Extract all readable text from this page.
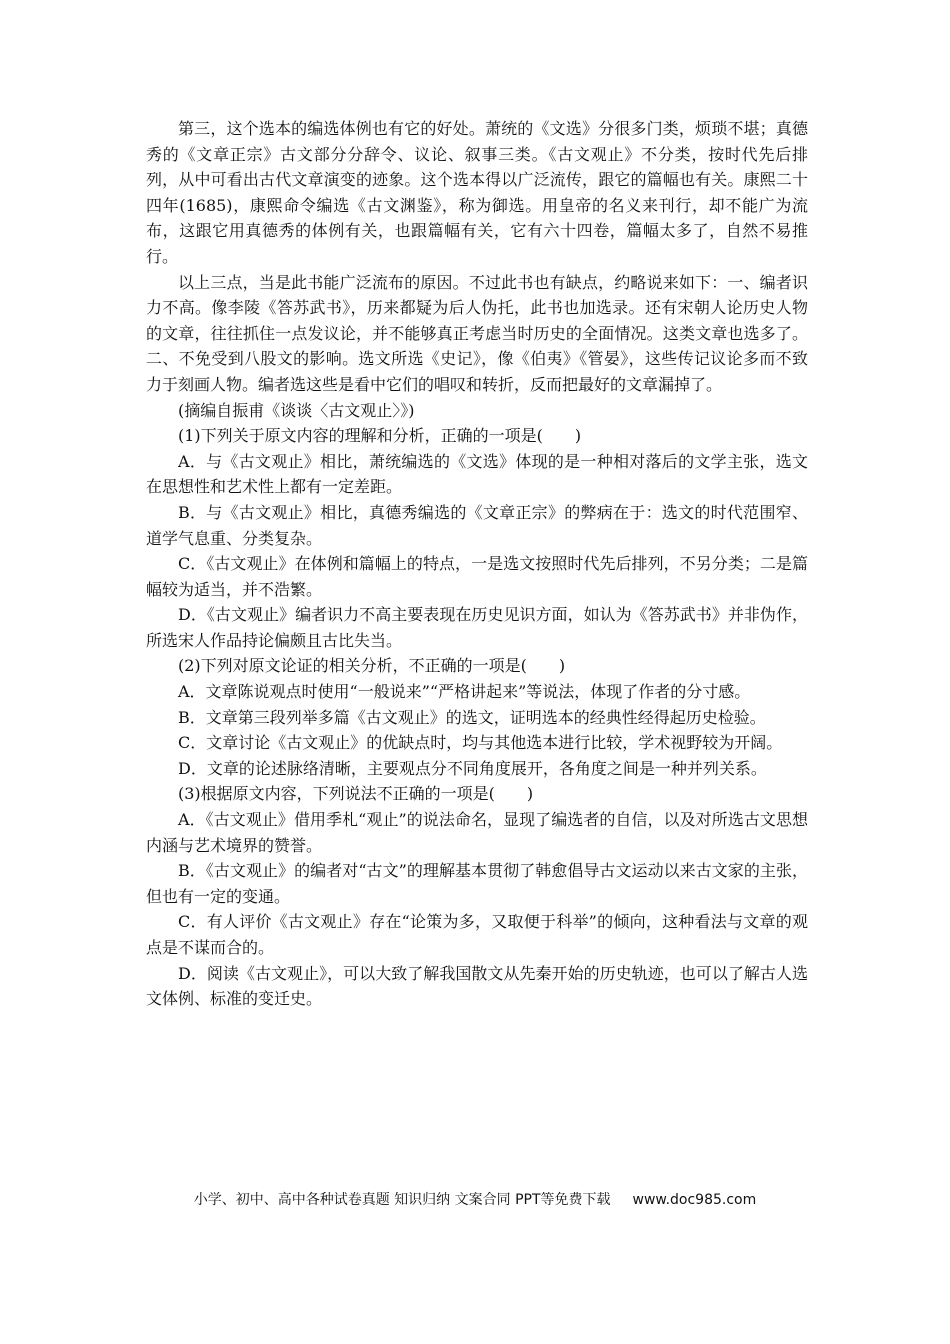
第三，这个选本的编选体例也有它的好处。萧统的《文选》分很多门类，烦琐不堪；真德秀的《文章正宗》古文部分分辞令、议论、叙事三类。《古文观止》不分类，按时代先后排列，从中可看出古代文章演变的迹象。这个选本得以广泛流传，跟它的篇幅也有关。康熙二十四年(1685)，康熙命令编选《古文渊鉴》，称为御选。用皇帝的名义来刊行，却不能广为流布，这跟它用真德秀的体例有关，也跟篇幅有关，它有六十四卷，篇幅太多了，自然不易推行。

以上三点，当是此书能广泛流布的原因。不过此书也有缺点，约略说来如下：一、编者识力不高。像李陵《答苏武书》，历来都疑为后人伪托，此书也加选录。还有宋朝人论历史人物的文章，往往抓住一点发议论，并不能够真正考虑当时历史的全面情况。这类文章也选多了。二、不免受到八股文的影响。选文所选《史记》，像《伯夷》《管晏》，这些传记议论多而不致力于刻画人物。编者选这些是看中它们的唱叹和转折，反而把最好的文章漏掉了。

(摘编自振甫《谈谈〈古文观止〉》)

(1)下列关于原文内容的理解和分析，正确的一项是(　　)

A．与《古文观止》相比，萧统编选的《文选》体现的是一种相对落后的文学主张，选文在思想性和艺术性上都有一定差距。

B．与《古文观止》相比，真德秀编选的《文章正宗》的弊病在于：选文的时代范围窄、道学气息重、分类复杂。

C．《古文观止》在体例和篇幅上的特点，一是选文按照时代先后排列，不另分类；二是篇幅较为适当，并不浩繁。

D．《古文观止》编者识力不高主要表现在历史见识方面，如认为《答苏武书》并非伪作，所选宋人作品持论偏颇且古比失当。

(2)下列对原文论证的相关分析，不正确的一项是(　　)

A．文章陈说观点时使用“一般说来”“严格讲起来”等说法，体现了作者的分寸感。

B．文章第三段列举多篇《古文观止》的选文，证明选本的经典性经得起历史检验。

C．文章讨论《古文观止》的优缺点时，均与其他选本进行比较，学术视野较为开阔。

D．文章的论述脉络清晰，主要观点分不同角度展开，各角度之间是一种并列关系。

(3)根据原文内容，下列说法不正确的一项是(　　)

A．《古文观止》借用季札“观止”的说法命名，显现了编选者的自信，以及对所选古文思想内涵与艺术境界的赞誉。

B．《古文观止》的编者对“古文”的理解基本贯彻了韩愈倡导古文运动以来古文家的主张，但也有一定的变通。

C．有人评价《古文观止》存在“论策为多，又取便于科举”的倾向，这种看法与文章的观点是不谋而合的。

D．阅读《古文观止》，可以大致了解我国散文从先秦开始的历史轨迹，也可以了解古人选文体例、标准的变迁史。

小学、初中、高中各种试卷真题 知识归纳 文案合同 PPT等免费下载 www.doc985.com
